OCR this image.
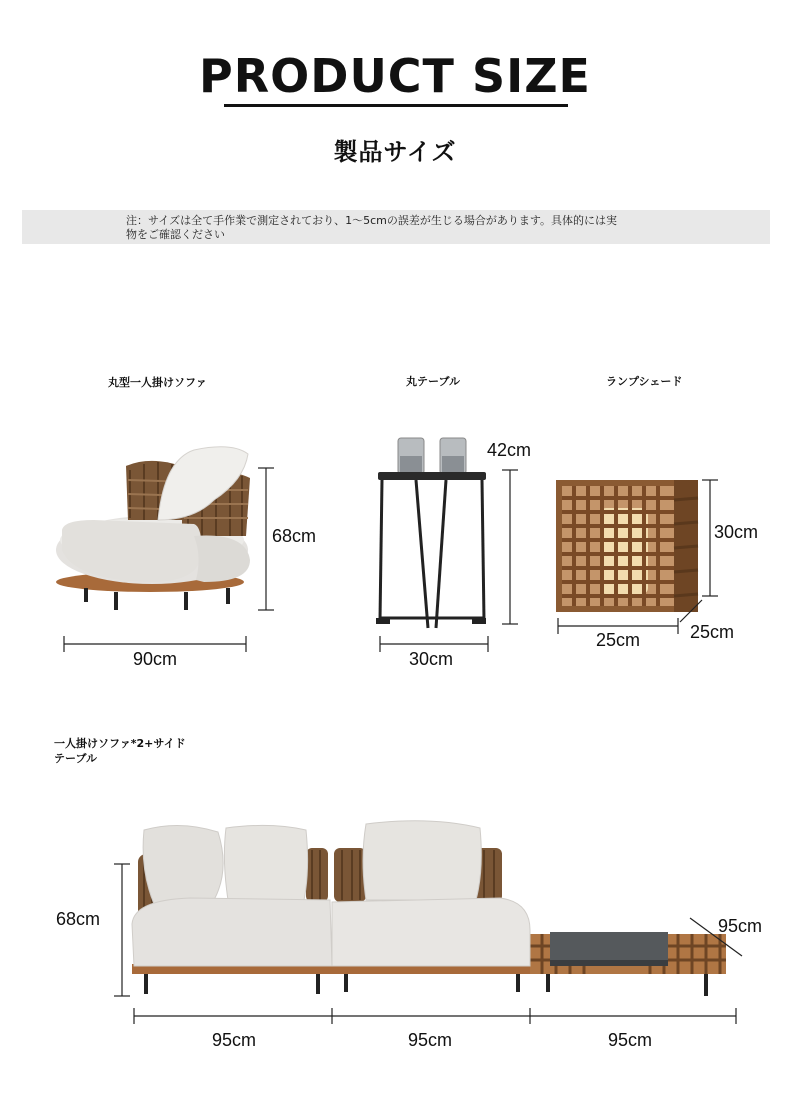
PRODUCT SIZE
製品サイズ
注：サイズは全て手作業で測定されており、1〜5cmの誤差が生じる場合があります。具体的には実
物をご確認ください
丸型一人掛けソファ	丸テーブル	ランプシェード
一人掛けソファ*2+サイド
テーブル
68cm
90cm
42cm
30cm
30cm
25cm	25cm
68cm	95cm
95cm	95cm	95cm
